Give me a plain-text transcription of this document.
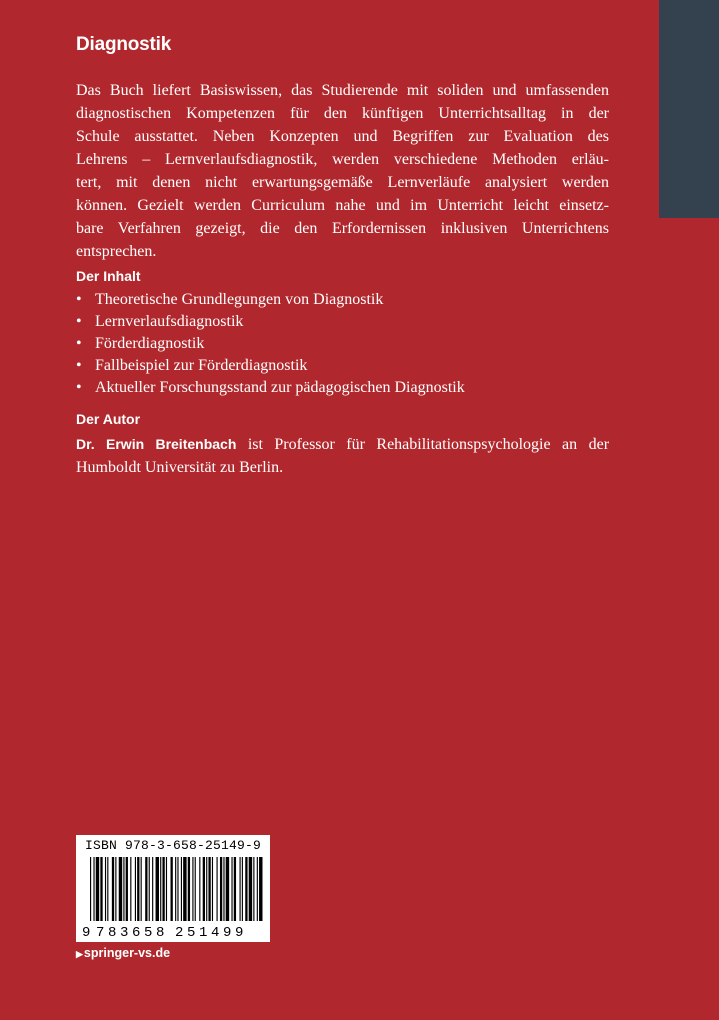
Diagnostik

Das Buch liefert Basiswissen, das Studierende mit soliden und umfassenden
diagnostischen Kompetenzen für den künftigen Unterrichtsalltag in der
Schule ausstattet. Neben Konzepten und Begriffen zur Evaluation des
Lehrens – Lernverlaufsdiagnostik, werden verschiedene Methoden erläu-
tert, mit denen nicht erwartungsgemäße Lernverläufe analysiert werden
können. Gezielt werden Curriculum nahe und im Unterricht leicht einsetz-
bare Verfahren gezeigt, die den Erfordernissen inklusiven Unterrichtens
entsprechen.

Der Inhalt
• Theoretische Grundlegungen von Diagnostik
• Lernverlaufsdiagnostik
• Förderdiagnostik
• Fallbeispiel zur Förderdiagnostik
• Aktueller Forschungsstand zur pädagogischen Diagnostik
Der Autor

Dr. Erwin Breitenbach ist Professor für Rehabilitationspsychologie an der
Humboldt Universität zu Berlin.

ISBN 978-3-658-25149-9
9 7 8 3 6 5 8 2 5 1 4 9 9
▶springer-vs.de
